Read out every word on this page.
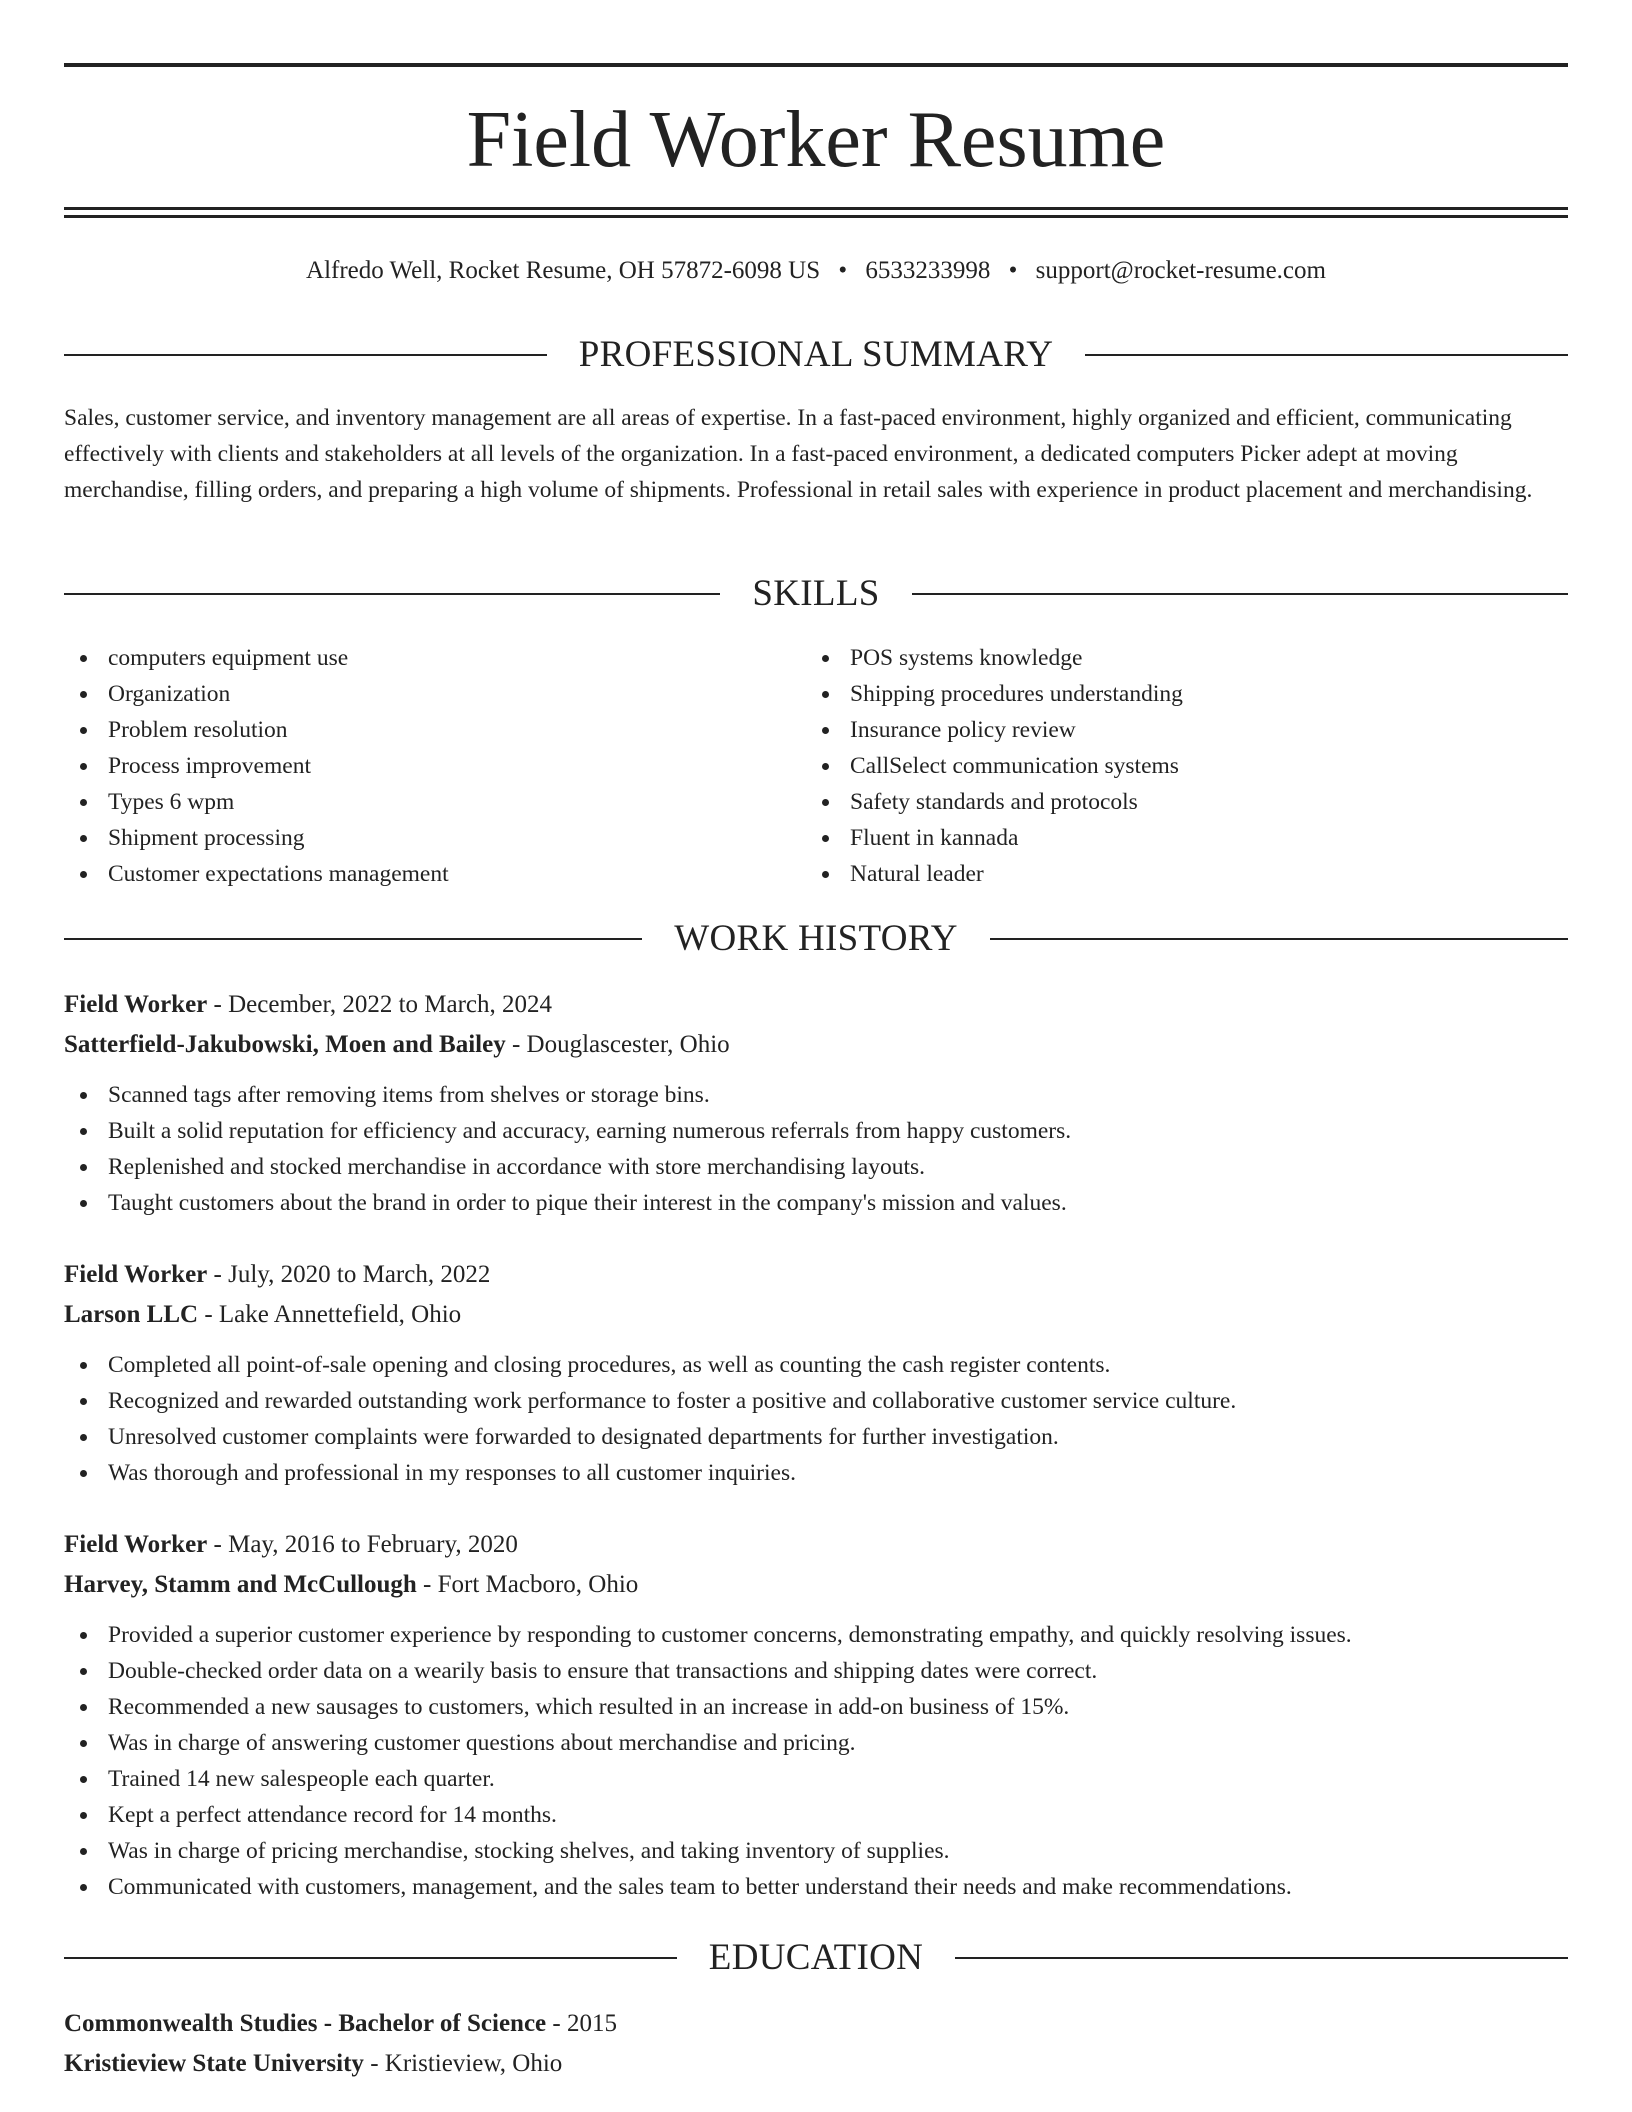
Field Worker Resume
Alfredo Well, Rocket Resume, OH 57872-6098 US • 6533233998 • support@rocket-resume.com
PROFESSIONAL SUMMARY

Sales, customer service, and inventory management are all areas of expertise. In a fast-paced environment, highly organized and efficient, communicating effectively with clients and stakeholders at all levels of the organization. In a fast-paced environment, a dedicated computers Picker adept at moving merchandise, filling orders, and preparing a high volume of shipments. Professional in retail sales with experience in product placement and merchandising.

SKILLS
computers equipment use
Organization
Problem resolution
Process improvement
Types 6 wpm
Shipment processing
Customer expectations management
POS systems knowledge
Shipping procedures understanding
Insurance policy review
CallSelect communication systems
Safety standards and protocols
Fluent in kannada
Natural leader
WORK HISTORY
Field Worker - December, 2022 to March, 2024
Satterfield-Jakubowski, Moen and Bailey - Douglascester, Ohio
Scanned tags after removing items from shelves or storage bins.
Built a solid reputation for efficiency and accuracy, earning numerous referrals from happy customers.
Replenished and stocked merchandise in accordance with store merchandising layouts.
Taught customers about the brand in order to pique their interest in the company's mission and values.
Field Worker - July, 2020 to March, 2022
Larson LLC - Lake Annettefield, Ohio
Completed all point-of-sale opening and closing procedures, as well as counting the cash register contents.
Recognized and rewarded outstanding work performance to foster a positive and collaborative customer service culture.
Unresolved customer complaints were forwarded to designated departments for further investigation.
Was thorough and professional in my responses to all customer inquiries.
Field Worker - May, 2016 to February, 2020
Harvey, Stamm and McCullough - Fort Macboro, Ohio
Provided a superior customer experience by responding to customer concerns, demonstrating empathy, and quickly resolving issues.
Double-checked order data on a wearily basis to ensure that transactions and shipping dates were correct.
Recommended a new sausages to customers, which resulted in an increase in add-on business of 15%.
Was in charge of answering customer questions about merchandise and pricing.
Trained 14 new salespeople each quarter.
Kept a perfect attendance record for 14 months.
Was in charge of pricing merchandise, stocking shelves, and taking inventory of supplies.
Communicated with customers, management, and the sales team to better understand their needs and make recommendations.
EDUCATION
Commonwealth Studies - Bachelor of Science - 2015
Kristieview State University - Kristieview, Ohio
